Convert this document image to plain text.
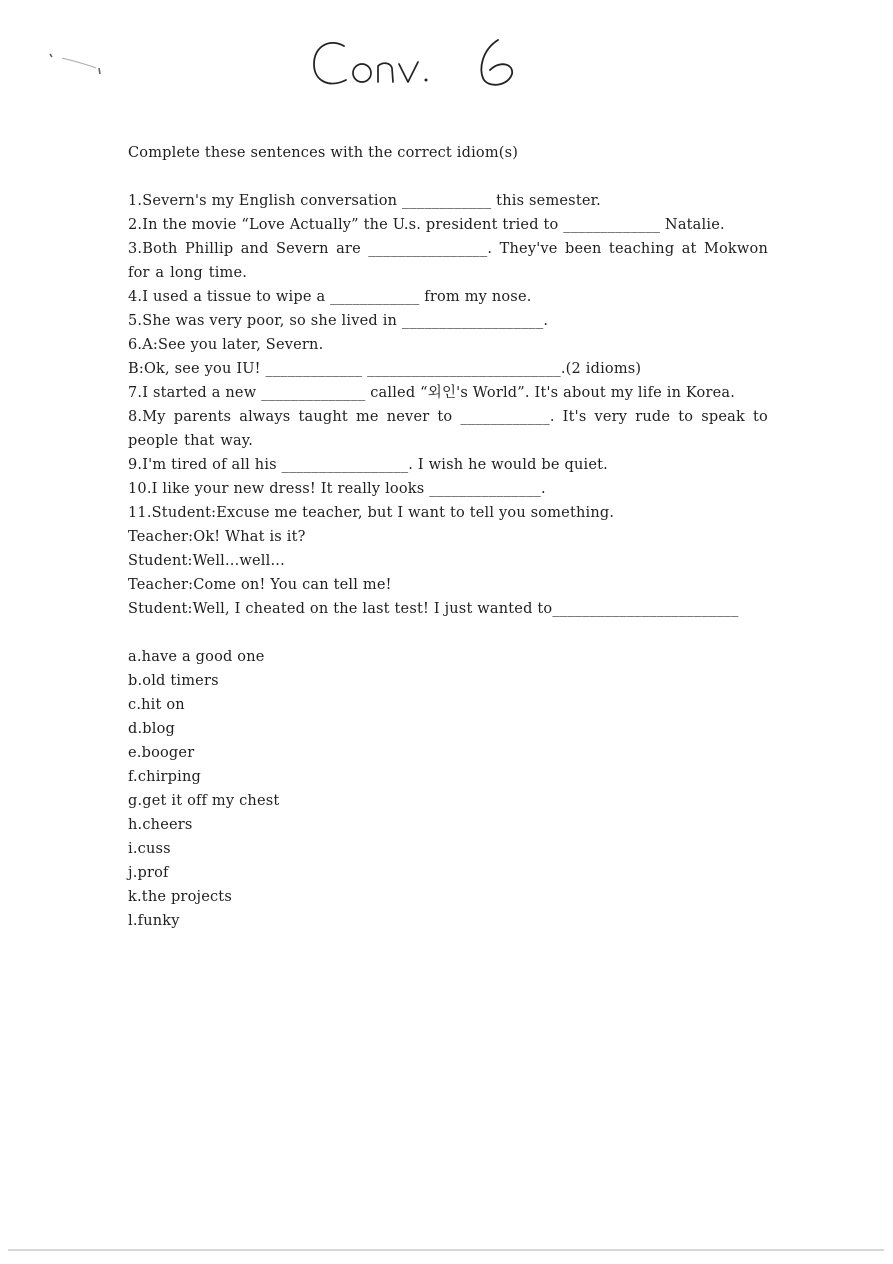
Conv. 6

Complete these sentences with the correct idiom(s)

1.Severn's my English conversation ____________ this semester.

2.In the movie “Love Actually” the U.s. president tried to _____________ Natalie.

3.Both Phillip and Severn are ________________. They've been teaching at Mokwon for a long time.

4.I used a tissue to wipe a ____________ from my nose.

5.She was very poor, so she lived in ___________________.

6.A:See you later, Severn.

B:Ok, see you IU! _____________ __________________________.(2 idioms)

7.I started a new ______________ called “외인's World”. It's about my life in Korea.

8.My parents always taught me never to ____________. It's very rude to speak to people that way.

9.I'm tired of all his _________________. I wish he would be quiet.

10.I like your new dress! It really looks _______________.

11.Student:Excuse me teacher, but I want to tell you something.

Teacher:Ok! What is it?

Student:Well...well...

Teacher:Come on! You can tell me!

Student:Well, I cheated on the last test! I just wanted to_________________________

a.have a good one

b.old timers

c.hit on

d.blog

e.booger

f.chirping

g.get it off my chest

h.cheers

i.cuss

j.prof

k.the projects

l.funky
